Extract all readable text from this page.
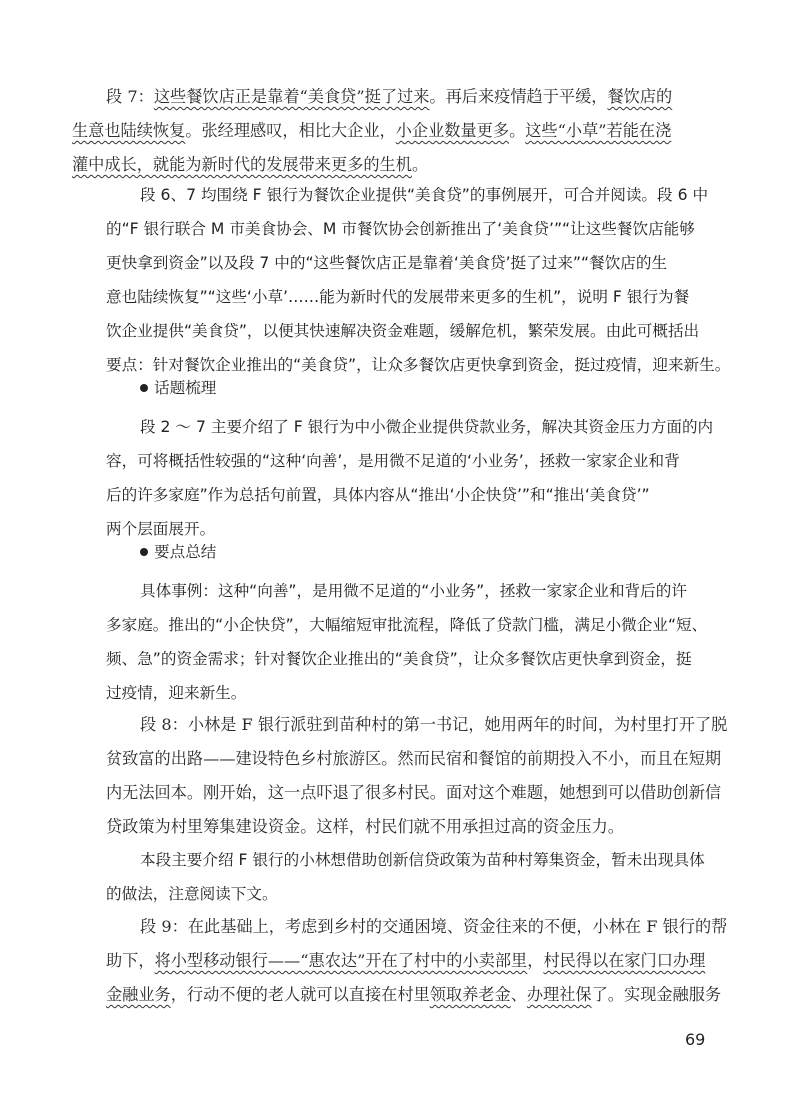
段 7：这些餐饮店正是靠着“美食贷”挺了过来。再后来疫情趋于平缓，餐饮店的
生意也陆续恢复。张经理感叹，相比大企业，小企业数量更多。这些“小草”若能在浇
灌中成长，就能为新时代的发展带来更多的生机。

段 6、7 均围绕 F 银行为餐饮企业提供“美食贷”的事例展开，可合并阅读。段 6 中
的“F 银行联合 M 市美食协会、M 市餐饮协会创新推出了‘美食贷’”“让这些餐饮店能够
更快拿到资金”以及段 7 中的“这些餐饮店正是靠着‘美食贷’挺了过来”“餐饮店的生
意也陆续恢复”“这些‘小草’……能为新时代的发展带来更多的生机”，说明 F 银行为餐
饮企业提供“美食贷”，以便其快速解决资金难题，缓解危机，繁荣发展。由此可概括出
要点：针对餐饮企业推出的“美食贷”，让众多餐饮店更快拿到资金，挺过疫情，迎来新生。

话题梳理

段 2 ～ 7 主要介绍了 F 银行为中小微企业提供贷款业务，解决其资金压力方面的内
容，可将概括性较强的“这种‘向善’，是用微不足道的‘小业务’，拯救一家家企业和背
后的许多家庭”作为总括句前置，具体内容从“推出‘小企快贷’”和“推出‘美食贷’”
两个层面展开。

要点总结

具体事例：这种“向善”，是用微不足道的“小业务”，拯救一家家企业和背后的许
多家庭。推出的“小企快贷”，大幅缩短审批流程，降低了贷款门槛，满足小微企业“短、
频、急”的资金需求；针对餐饮企业推出的“美食贷”，让众多餐饮店更快拿到资金，挺
过疫情，迎来新生。

段 8：小林是 F 银行派驻到苗种村的第一书记，她用两年的时间，为村里打开了脱
贫致富的出路——建设特色乡村旅游区。然而民宿和餐馆的前期投入不小，而且在短期
内无法回本。刚开始，这一点吓退了很多村民。面对这个难题，她想到可以借助创新信
贷政策为村里筹集建设资金。这样，村民们就不用承担过高的资金压力。

本段主要介绍 F 银行的小林想借助创新信贷政策为苗种村筹集资金，暂未出现具体
的做法，注意阅读下文。

段 9：在此基础上，考虑到乡村的交通困境、资金往来的不便，小林在 F 银行的帮
助下，将小型移动银行——“惠农达”开在了村中的小卖部里，村民得以在家门口办理
金融业务，行动不便的老人就可以直接在村里领取养老金、办理社保了。实现金融服务

69
